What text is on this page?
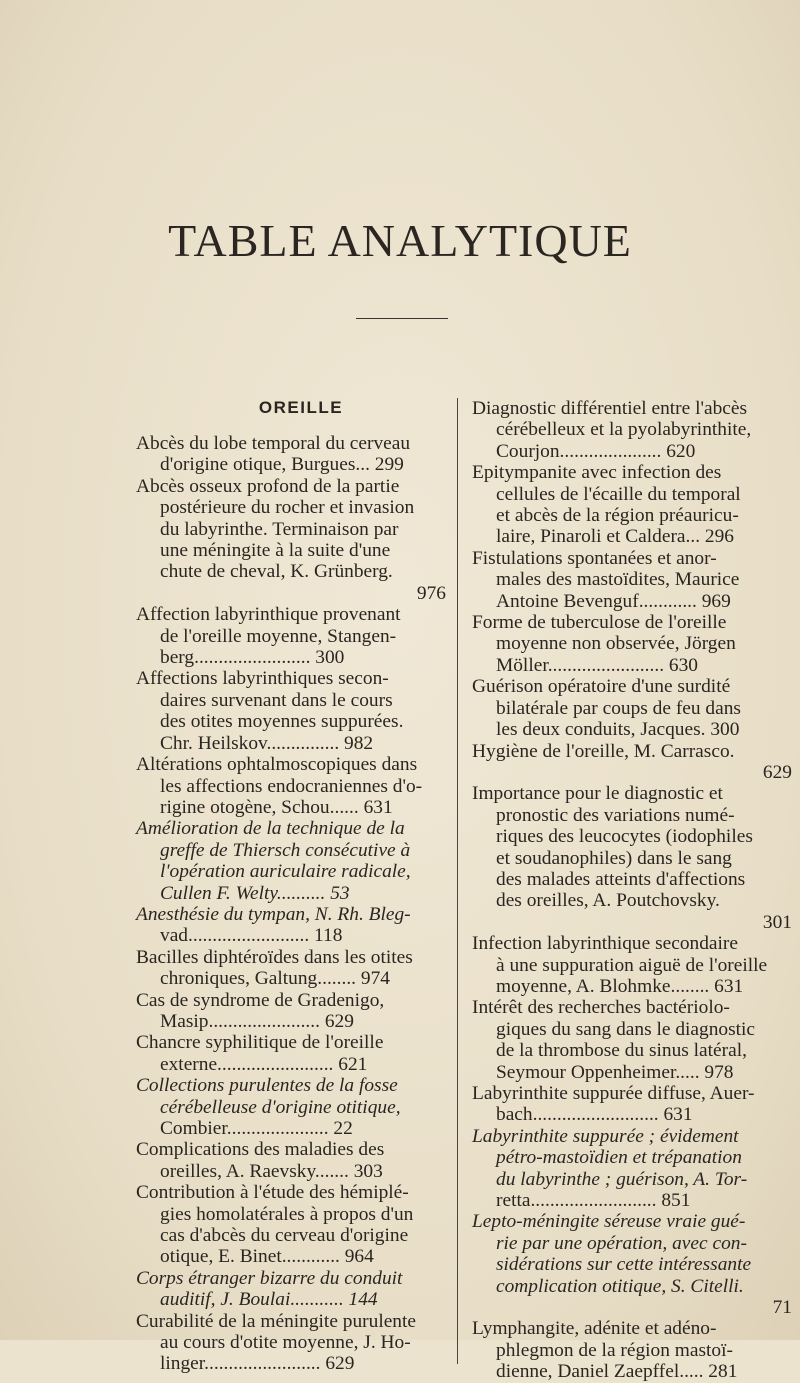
TABLE ANALYTIQUE
OREILLE
Abcès du lobe temporal du cerveau
d'origine otique, Burgues... 299
Abcès osseux profond de la partie
postérieure du rocher et invasion
du labyrinthe. Terminaison par
une méningite à la suite d'une
chute de cheval, K. Grünberg.
976
Affection labyrinthique provenant
de l'oreille moyenne, Stangen-
berg........................ 300
Affections labyrinthiques secon-
daires survenant dans le cours
des otites moyennes suppurées.
Chr. Heilskov............... 982
Altérations ophtalmoscopiques dans
les affections endocraniennes d'o-
rigine otogène, Schou...... 631
Amélioration de la technique de la
greffe de Thiersch consécutive à
l'opération auriculaire radicale,
Cullen F. Welty.......... 53
Anesthésie du tympan, N. Rh. Bleg-
vad......................... 118
Bacilles diphtéroïdes dans les otites
chroniques, Galtung........ 974
Cas de syndrome de Gradenigo,
Masip....................... 629
Chancre syphilitique de l'oreille
externe........................ 621
Collections purulentes de la fosse
cérébelleuse d'origine otitique,
Combier..................... 22
Complications des maladies des
oreilles, A. Raevsky....... 303
Contribution à l'étude des hémiplé-
gies homolatérales à propos d'un
cas d'abcès du cerveau d'origine
otique, E. Binet............ 964
Corps étranger bizarre du conduit
auditif, J. Boulai........... 144
Curabilité de la méningite purulente
au cours d'otite moyenne, J. Ho-
linger........................ 629
Diagnostic différentiel entre l'abcès
cérébelleux et la pyolabyrinthite,
Courjon..................... 620
Epitympanite avec infection des
cellules de l'écaille du temporal
et abcès de la région préauricu-
laire, Pinaroli et Caldera... 296
Fistulations spontanées et anor-
males des mastoïdites, Maurice
Antoine Bevenguf............ 969
Forme de tuberculose de l'oreille
moyenne non observée, Jörgen
Möller........................ 630
Guérison opératoire d'une surdité
bilatérale par coups de feu dans
les deux conduits, Jacques. 300
Hygiène de l'oreille, M. Carrasco.
629
Importance pour le diagnostic et
pronostic des variations numé-
riques des leucocytes (iodophiles
et soudanophiles) dans le sang
des malades atteints d'affections
des oreilles, A. Poutchovsky.
301
Infection labyrinthique secondaire
à une suppuration aiguë de l'oreille
moyenne, A. Blohmke........ 631
Intérêt des recherches bactériolo-
giques du sang dans le diagnostic
de la thrombose du sinus latéral,
Seymour Oppenheimer..... 978
Labyrinthite suppurée diffuse, Auer-
bach.......................... 631
Labyrinthite suppurée ; évidement
pétro-mastoïdien et trépanation
du labyrinthe ; guérison, A. Tor-
retta.......................... 851
Lepto-méningite séreuse vraie gué-
rie par une opération, avec con-
sidérations sur cette intéressante
complication otitique, S. Citelli.
71
Lymphangite, adénite et adéno-
phlegmon de la région mastoï-
dienne, Daniel Zaepffel..... 281
